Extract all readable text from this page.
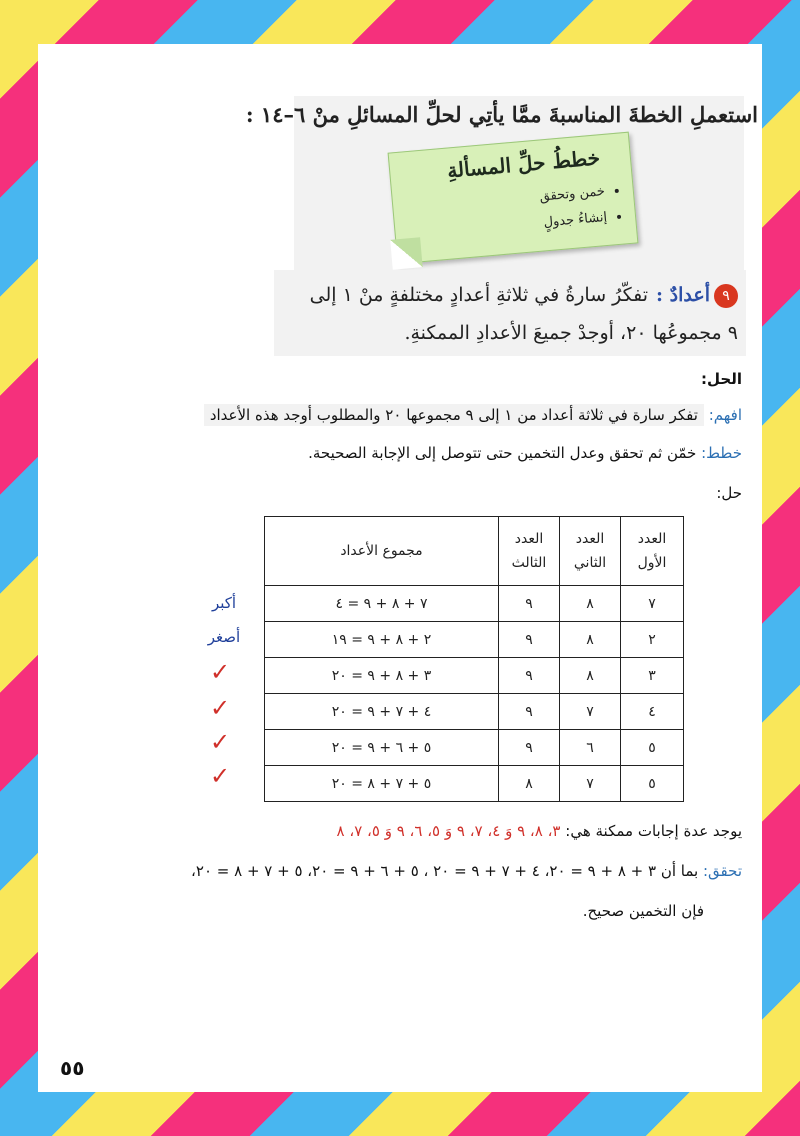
استعملِ الخطةَ المناسبةَ ممَّا يأتِي لحلِّ المسائلِ منْ ٦–١٤ :

خططُ حلِّ المسألةِ
• خمن وتحقق
• إنشاءُ جدولٍ

٩أعدادٌ :تفكّرُ سارةُ في ثلاثةِ أعدادٍ مختلفةٍ منْ ١ إلى
٩ مجموعُها ٢٠، أوجدْ جميعَ الأعدادِ الممكنةِ.

الحل:
افهم: تفكر سارة في ثلاثة أعداد من ١ إلى ٩ مجموعها ٢٠ والمطلوب أوجد هذه الأعداد
خطط: خمّن ثم تحقق وعدل التخمين حتى تتوصل إلى الإجابة الصحيحة.
حل:
العدد الأول	العدد الثاني	العدد الثالث	مجموع الأعداد
٧	٨	٩	٧ + ٨ + ٩ = ٤
٢	٨	٩	٢ + ٨ + ٩ = ١٩
٣	٨	٩	٣ + ٨ + ٩ = ٢٠
٤	٧	٩	٤ + ٧ + ٩ = ٢٠
٥	٦	٩	٥ + ٦ + ٩ = ٢٠
٥	٧	٨	٥ + ٧ + ٨ = ٢٠
أكبر
أصغر
✓
✓
✓
✓
يوجد عدة إجابات ممكنة هي: ٣، ٨، ٩ وَ ٤، ٧، ٩ وَ ٥، ٦، ٩ وَ ٥، ٧، ٨
تحقق: بما أن ٣ + ٨ + ٩ = ٢٠، ٤ + ٧ + ٩ = ٢٠ ، ٥ + ٦ + ٩ = ٢٠، ٥ + ٧ + ٨ = ٢٠،
فإن التخمين صحيح.
٥٥
